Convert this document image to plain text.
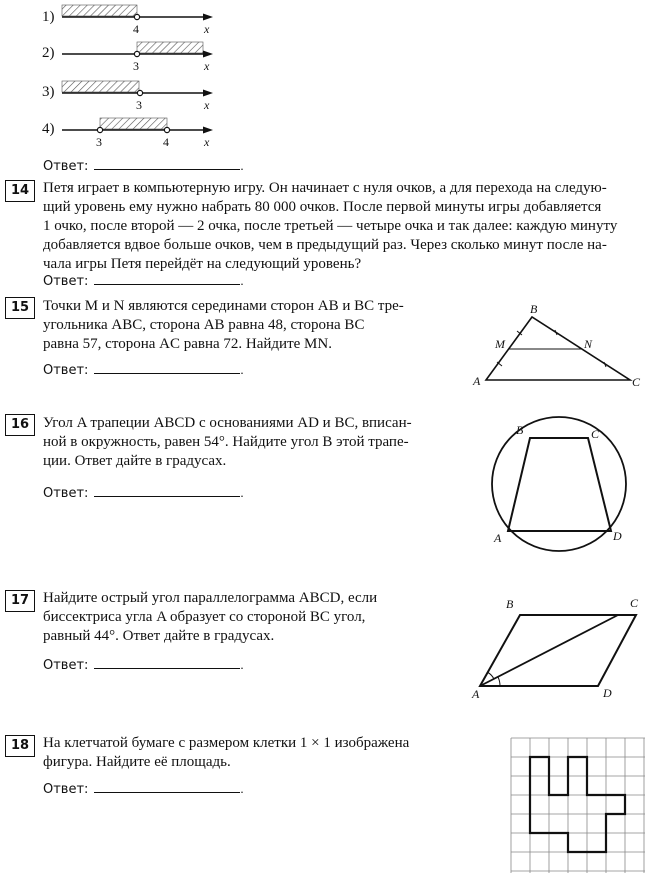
4	x
3	x
3	x
3	4	x
B
A	C
M	N
B	C
A	D
B	C
A	D
1)
2)
3)
4)
Ответ:	.
14 Петя играет в компьютерную игру. Он начинает с нуля очков, а для перехода на следую-
щий уровень ему нужно набрать 80 000 очков. После первой минуты игры добавляется
1 очко, после второй — 2 очка, после третьей — четыре очка и так далее: каждую минуту
добавляется вдвое больше очков, чем в предыдущий раз. Через сколько минут после на-
чала игры Петя перейдёт на следующий уровень?
Ответ:	.
15 Точки M и N являются серединами сторон AB и BC тре-
угольника ABC, сторона AB равна 48, сторона BC
равна 57, сторона AC равна 72. Найдите MN.
Ответ:	.
16 Угол A трапеции ABCD с основаниями AD и BC, вписан-
ной в окружность, равен 54°. Найдите угол B этой трапе-
ции. Ответ дайте в градусах.
Ответ:	.
17 Найдите острый угол параллелограмма ABCD, если
биссектриса угла A образует со стороной BC угол,
равный 44°. Ответ дайте в градусах.
Ответ:	.
18 На клетчатой бумаге с размером клетки 1 × 1 изображена
фигура. Найдите её площадь.
Ответ:	.
